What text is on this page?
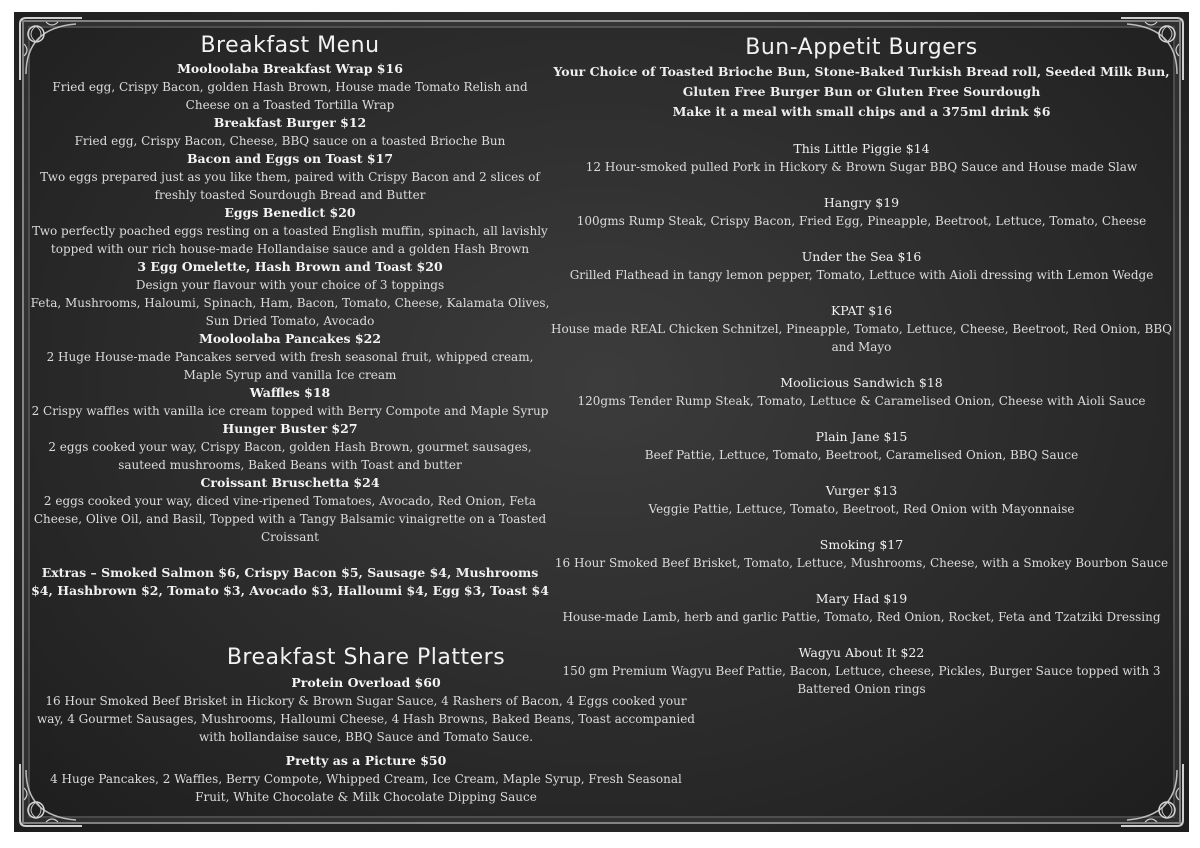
Breakfast Menu
Mooloolaba Breakfast Wrap $16
Fried egg, Crispy Bacon, golden Hash Brown, House made Tomato Relish and Cheese on a Toasted Tortilla Wrap
Breakfast Burger $12
Fried egg, Crispy Bacon, Cheese, BBQ sauce on a toasted Brioche Bun
Bacon and Eggs on Toast $17
Two eggs prepared just as you like them, paired with Crispy Bacon and 2 slices of freshly toasted Sourdough Bread and Butter
Eggs Benedict $20
Two perfectly poached eggs resting on a toasted English muffin, spinach, all lavishly topped with our rich house-made Hollandaise sauce and a golden Hash Brown
3 Egg Omelette, Hash Brown and Toast $20
Design your flavour with your choice of 3 toppings
Feta, Mushrooms, Haloumi, Spinach, Ham, Bacon, Tomato, Cheese, Kalamata Olives, Sun Dried Tomato, Avocado
Mooloolaba Pancakes $22
2 Huge House-made Pancakes served with fresh seasonal fruit, whipped cream, Maple Syrup and vanilla Ice cream
Waffles $18
2 Crispy waffles with vanilla ice cream topped with Berry Compote and Maple Syrup
Hunger Buster $27
2 eggs cooked your way, Crispy Bacon, golden Hash Brown, gourmet sausages, sauteed mushrooms, Baked Beans with Toast and butter
Croissant Bruschetta $24
2 eggs cooked your way, diced vine-ripened Tomatoes, Avocado, Red Onion, Feta Cheese, Olive Oil, and Basil, Topped with a Tangy Balsamic vinaigrette on a Toasted Croissant
Extras – Smoked Salmon $6, Crispy Bacon $5, Sausage $4, Mushrooms $4, Hashbrown $2, Tomato $3, Avocado $3, Halloumi $4, Egg $3, Toast $4
Breakfast Share Platters
Protein Overload $60
16 Hour Smoked Beef Brisket in Hickory & Brown Sugar Sauce, 4 Rashers of Bacon, 4 Eggs cooked your way, 4 Gourmet Sausages, Mushrooms, Halloumi Cheese, 4 Hash Browns, Baked Beans, Toast accompanied with hollandaise sauce, BBQ Sauce and Tomato Sauce.
Pretty as a Picture $50
4 Huge Pancakes, 2 Waffles, Berry Compote, Whipped Cream, Ice Cream, Maple Syrup, Fresh Seasonal Fruit, White Chocolate & Milk Chocolate Dipping Sauce
Bun-Appetit Burgers
Your Choice of Toasted Brioche Bun, Stone-Baked Turkish Bread roll, Seeded Milk Bun, Gluten Free Burger Bun or Gluten Free Sourdough
Make it a meal with small chips and a 375ml drink $6
This Little Piggie $14
12 Hour-smoked pulled Pork in Hickory & Brown Sugar BBQ Sauce and House made Slaw
Hangry $19
100gms Rump Steak, Crispy Bacon, Fried Egg, Pineapple, Beetroot, Lettuce, Tomato, Cheese
Under the Sea $16
Grilled Flathead in tangy lemon pepper, Tomato, Lettuce with Aioli dressing with Lemon Wedge
KPAT $16
House made REAL Chicken Schnitzel, Pineapple, Tomato, Lettuce, Cheese, Beetroot, Red Onion, BBQ and Mayo
Moolicious Sandwich $18
120gms Tender Rump Steak, Tomato, Lettuce & Caramelised Onion, Cheese with Aioli Sauce
Plain Jane $15
Beef Pattie, Lettuce, Tomato, Beetroot, Caramelised Onion, BBQ Sauce
Vurger $13
Veggie Pattie, Lettuce, Tomato, Beetroot, Red Onion with Mayonnaise
Smoking $17
16 Hour Smoked Beef Brisket, Tomato, Lettuce, Mushrooms, Cheese, with a Smokey Bourbon Sauce
Mary Had $19
House-made Lamb, herb and garlic Pattie, Tomato, Red Onion, Rocket, Feta and Tzatziki Dressing
Wagyu About It $22
150 gm Premium Wagyu Beef Pattie, Bacon, Lettuce, cheese, Pickles, Burger Sauce topped with 3 Battered Onion rings
